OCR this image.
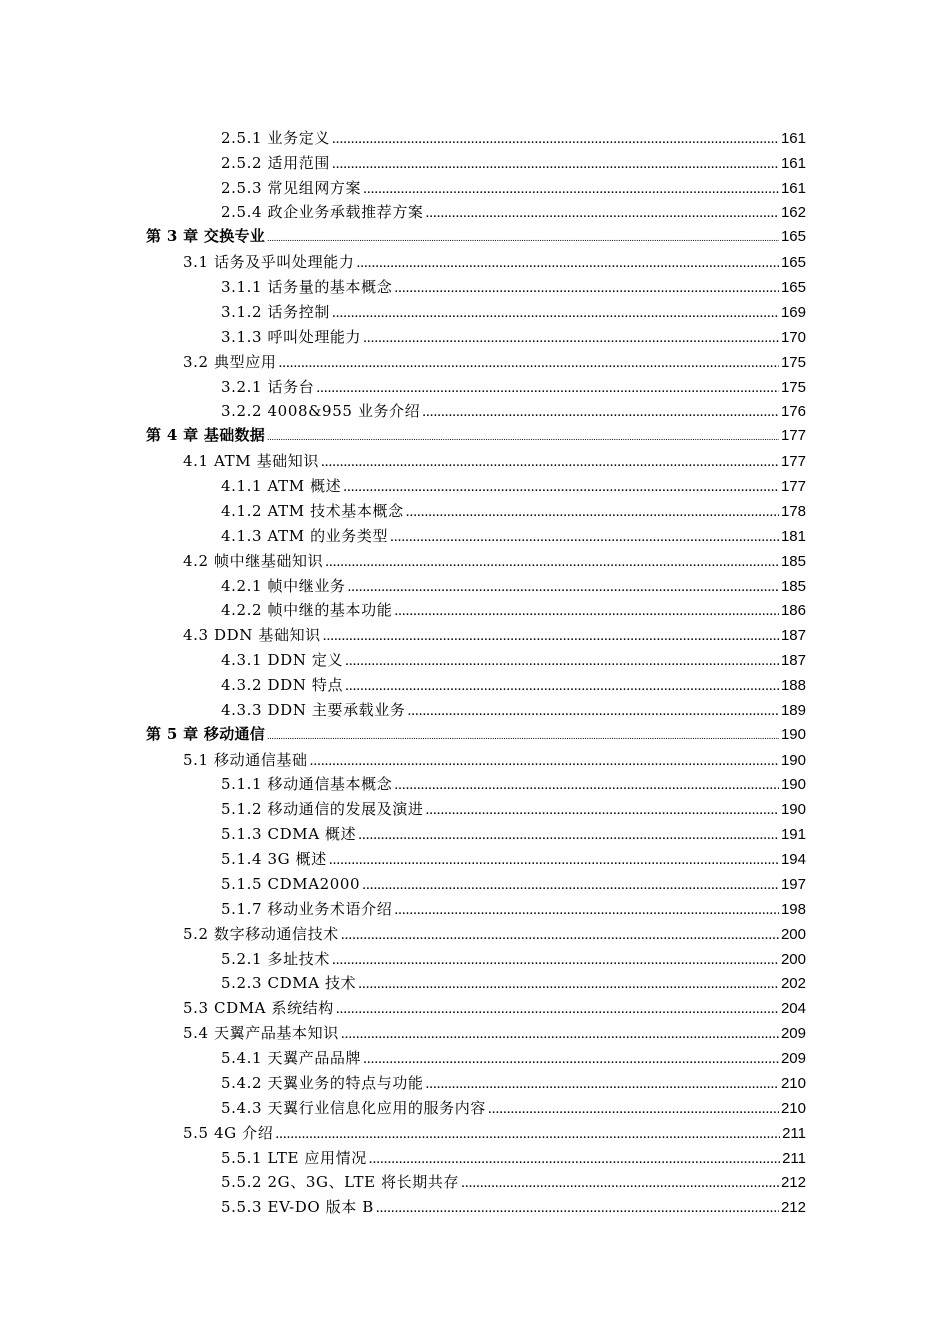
2.5.1 业务定义 .....	161
2.5.2 适用范围 .....	161
2.5.3 常见组网方案 .....	161
2.5.4 政企业务承载推荐方案 .....	162
第 3 章 交换专业 .....	165
3.1 话务及乎叫处理能力 .....	165
3.1.1 话务量的基本概念 .....	165
3.1.2 话务控制 .....	169
3.1.3 呼叫处理能力 .....	170
3.2 典型应用 .....	175
3.2.1 话务台 .....	175
3.2.2 4008&955 业务介绍 .....	176
第 4 章 基础数据 .....	177
4.1 ATM 基础知识 .....	177
4.1.1 ATM 概述 .....	177
4.1.2 ATM 技术基本概念 .....	178
4.1.3 ATM 的业务类型 .....	181
4.2 帧中继基础知识 .....	185
4.2.1 帧中继业务 .....	185
4.2.2 帧中继的基本功能 .....	186
4.3 DDN 基础知识 .....	187
4.3.1 DDN 定义 .....	187
4.3.2 DDN 特点 .....	188
4.3.3 DDN 主要承载业务 .....	189
第 5 章 移动通信 .....	190
5.1 移动通信基础 .....	190
5.1.1 移动通信基本概念 .....	190
5.1.2 移动通信的发展及演进 .....	190
5.1.3 CDMA 概述 .....	191
5.1.4 3G 概述 .....	194
5.1.5 CDMA2000 .....	197
5.1.7 移动业务术语介绍 .....	198
5.2 数字移动通信技术 .....	200
5.2.1 多址技术 .....	200
5.2.3 CDMA 技术 .....	202
5.3 CDMA 系统结构 .....	204
5.4 天翼产品基本知识 .....	209
5.4.1 天翼产品品牌 .....	209
5.4.2 天翼业务的特点与功能 .....	210
5.4.3 天翼行业信息化应用的服务内容 .....	210
5.5 4G 介绍 .....	211
5.5.1 LTE 应用情况 .....	211
5.5.2 2G、3G、LTE 将长期共存 .....	212
5.5.3 EV-DO 版本 B .....	212
